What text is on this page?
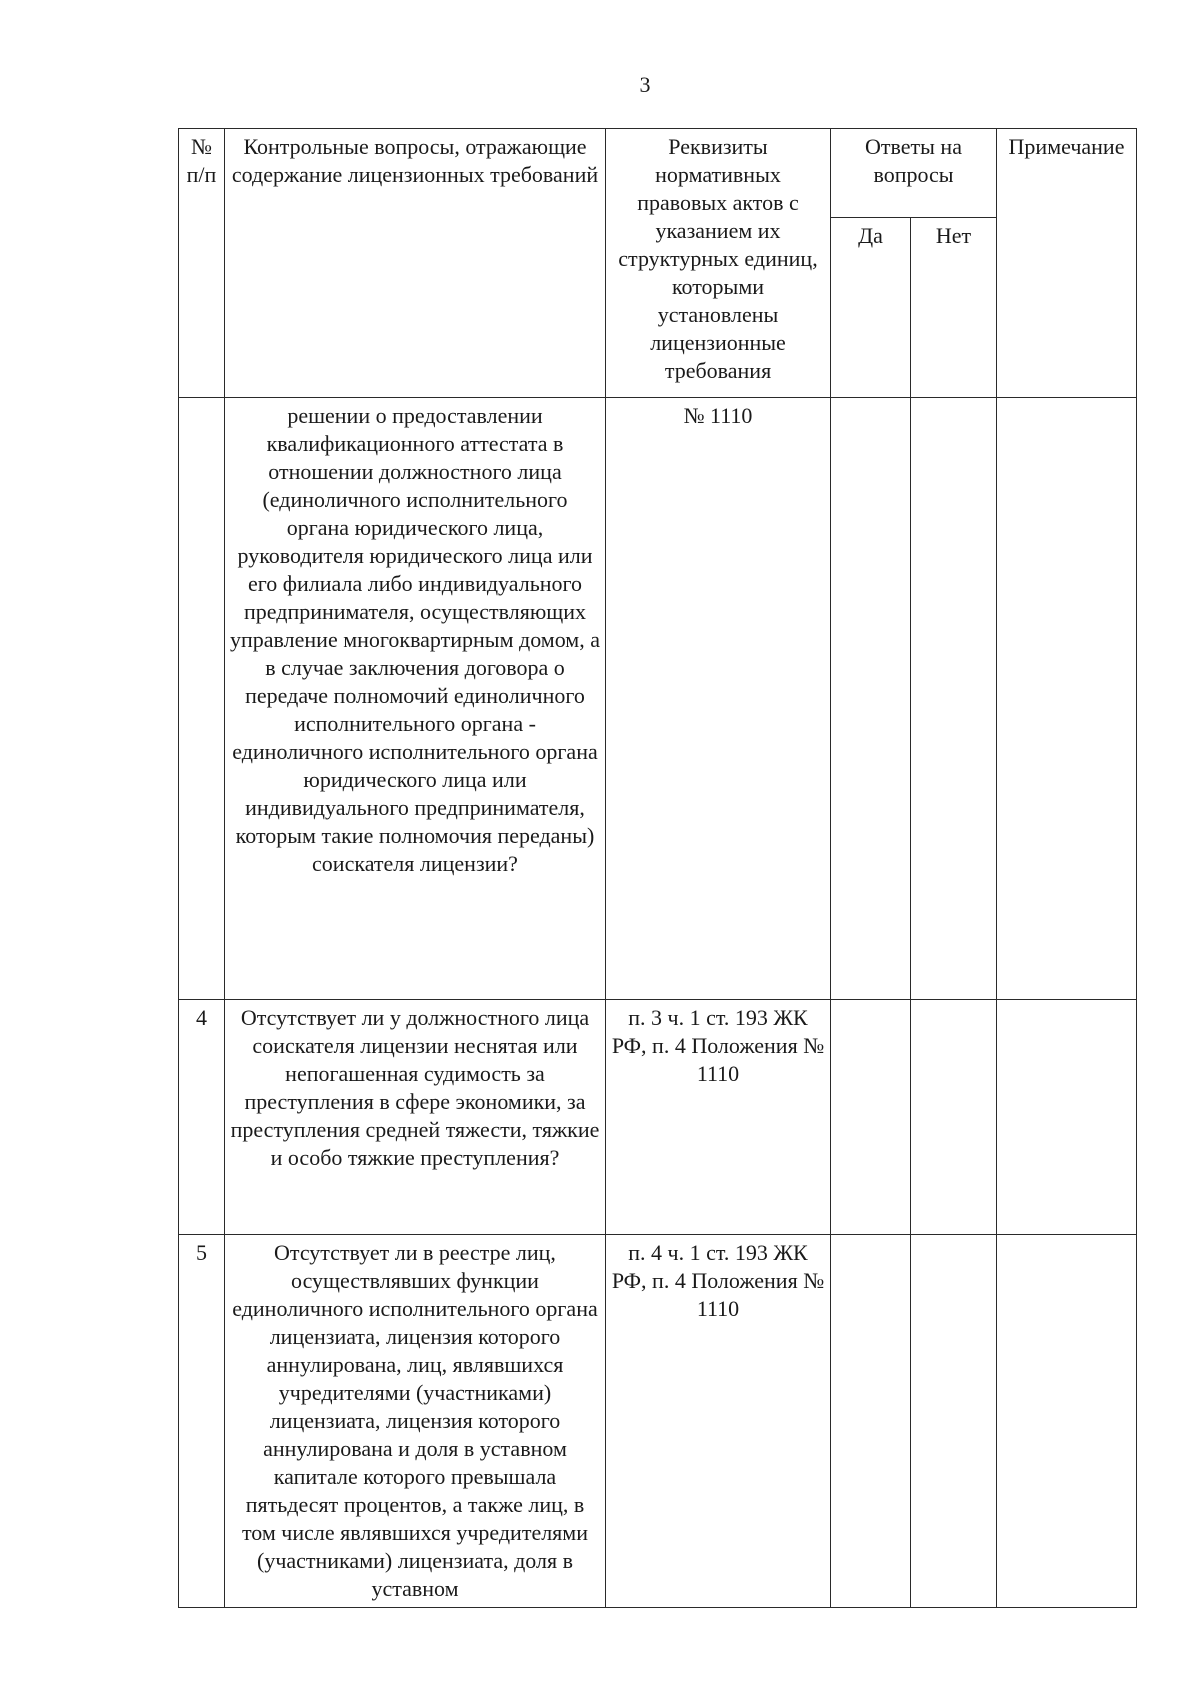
3
№ п/п	Контрольные вопросы, отражающие содержание лицензионных требований	Реквизиты нормативных правовых актов с указанием их структурных единиц, которыми установлены лицензионные требования	Ответы на вопросы		Примечание
			Да	Нет	
	решении о предоставлении квалификационного аттестата в отношении должностного лица (единоличного исполнительного органа юридического лица, руководителя юридического лица или его филиала либо индивидуального предпринимателя, осуществляющих управление многоквартирным домом, а в случае заключения договора о передаче полномочий единоличного исполнительного органа - единоличного исполнительного органа юридического лица или индивидуального предпринимателя, которым такие полномочия переданы) соискателя лицензии?	№ 1110			
4	Отсутствует ли у должностного лица соискателя лицензии неснятая или непогашенная судимость за преступления в сфере экономики, за преступления средней тяжести, тяжкие и особо тяжкие преступления?	п. 3 ч. 1 ст. 193 ЖК РФ, п. 4 Положения № 1110			
5	Отсутствует ли в реестре лиц, осуществлявших функции единоличного исполнительного органа лицензиата, лицензия которого аннулирована, лиц, являвшихся учредителями (участниками) лицензиата, лицензия которого аннулирована и доля в уставном капитале которого превышала пятьдесят процентов, а также лиц, в том числе являвшихся учредителями (участниками) лицензиата, доля в уставном	п. 4 ч. 1 ст. 193 ЖК РФ, п. 4 Положения № 1110			
